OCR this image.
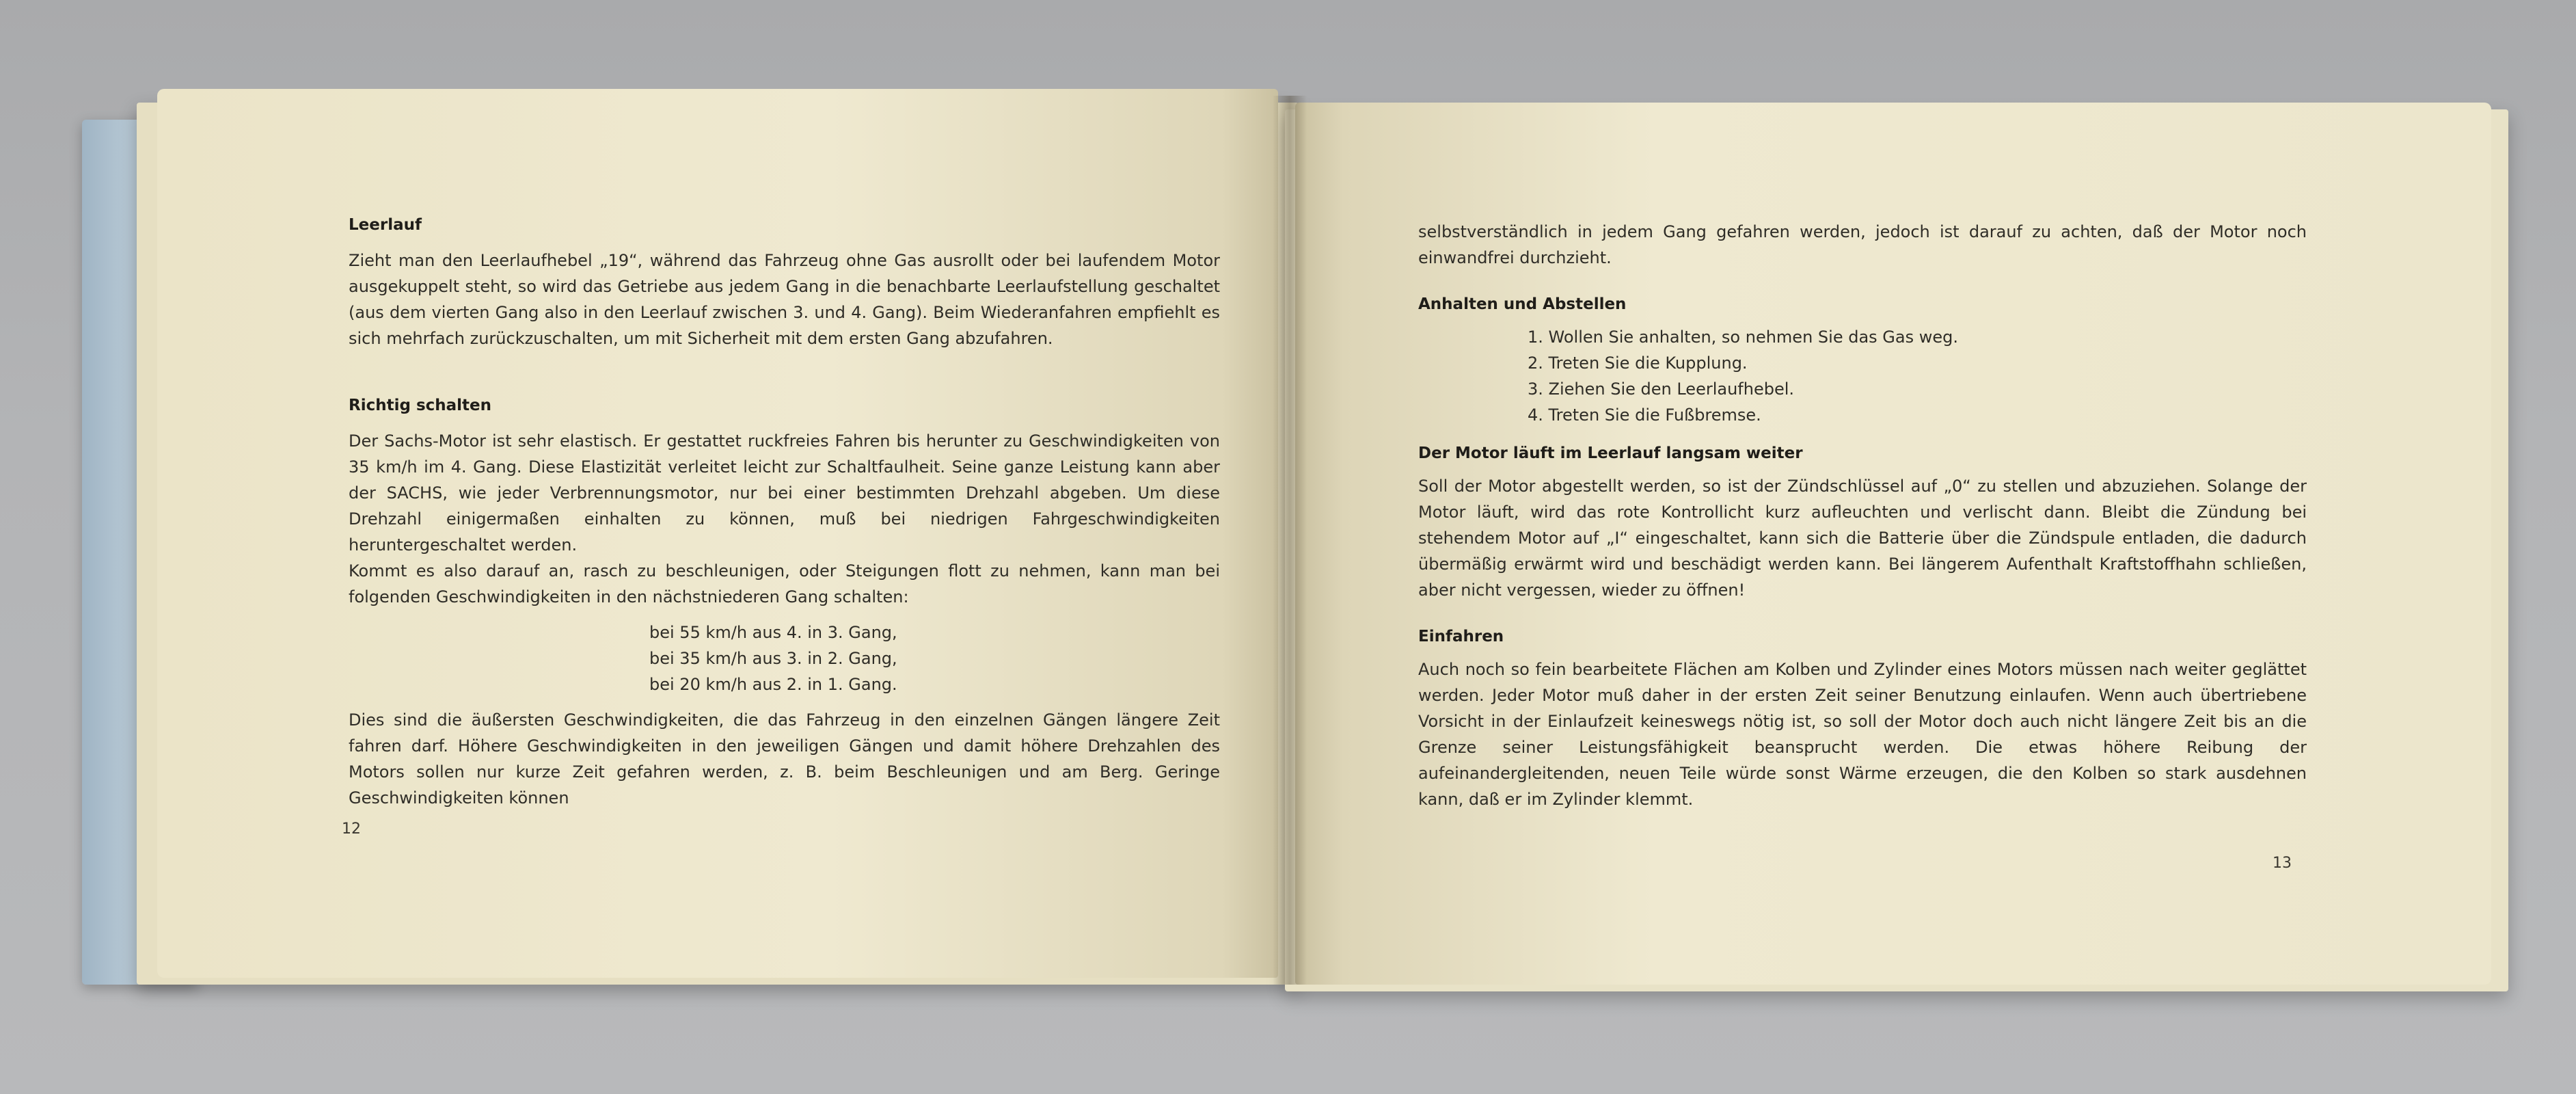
Leerlauf

Zieht man den Leerlaufhebel „19“, während das Fahrzeug ohne Gas ausrollt oder bei laufendem Motor ausgekuppelt steht, so wird das Getriebe aus jedem Gang in die benachbarte Leerlaufstellung geschaltet (aus dem vierten Gang also in den Leerlauf zwischen 3. und 4. Gang). Beim Wiederanfahren empfiehlt es sich mehrfach zurückzuschalten, um mit Sicherheit mit dem ersten Gang abzufahren.

Richtig schalten

Der Sachs-Motor ist sehr elastisch. Er gestattet ruckfreies Fahren bis herunter zu Geschwindigkeiten von 35 km/h im 4. Gang. Diese Elastizität verleitet leicht zur Schaltfaulheit. Seine ganze Leistung kann aber der SACHS, wie jeder Verbrennungsmotor, nur bei einer bestimmten Drehzahl abgeben. Um diese Drehzahl einigermaßen einhalten zu können, muß bei niedrigen Fahrgeschwindigkeiten heruntergeschaltet werden.

Kommt es also darauf an, rasch zu beschleunigen, oder Steigungen flott zu nehmen, kann man bei folgenden Geschwindigkeiten in den nächstniederen Gang schalten:

bei 55 km/h aus 4. in 3. Gang,
bei 35 km/h aus 3. in 2. Gang,
bei 20 km/h aus 2. in 1. Gang.

Dies sind die äußersten Geschwindigkeiten, die das Fahrzeug in den einzelnen Gängen längere Zeit fahren darf. Höhere Geschwindigkeiten in den jeweiligen Gängen und damit höhere Drehzahlen des Motors sollen nur kurze Zeit gefahren werden, z. B. beim Beschleunigen und am Berg. Geringe Geschwindigkeiten können

12

selbstverständlich in jedem Gang gefahren werden, jedoch ist darauf zu achten, daß der Motor noch einwandfrei durchzieht.

Anhalten und Abstellen

1. Wollen Sie anhalten, so nehmen Sie das Gas weg.
2. Treten Sie die Kupplung.
3. Ziehen Sie den Leerlaufhebel.
4. Treten Sie die Fußbremse.

Der Motor läuft im Leerlauf langsam weiter

Soll der Motor abgestellt werden, so ist der Zündschlüssel auf „0“ zu stellen und abzuziehen. Solange der Motor läuft, wird das rote Kontrollicht kurz aufleuchten und verlischt dann. Bleibt die Zündung bei stehendem Motor auf „I“ eingeschaltet, kann sich die Batterie über die Zündspule entladen, die dadurch übermäßig erwärmt wird und beschädigt werden kann. Bei längerem Aufenthalt Kraftstoffhahn schließen, aber nicht vergessen, wieder zu öffnen!

Einfahren

Auch noch so fein bearbeitete Flächen am Kolben und Zylinder eines Motors müssen nach weiter geglättet werden. Jeder Motor muß daher in der ersten Zeit seiner Benutzung einlaufen. Wenn auch übertriebene Vorsicht in der Einlaufzeit keineswegs nötig ist, so soll der Motor doch auch nicht längere Zeit bis an die Grenze seiner Leistungsfähigkeit beansprucht werden. Die etwas höhere Reibung der aufeinandergleitenden, neuen Teile würde sonst Wärme erzeugen, die den Kolben so stark ausdehnen kann, daß er im Zylinder klemmt.

13
